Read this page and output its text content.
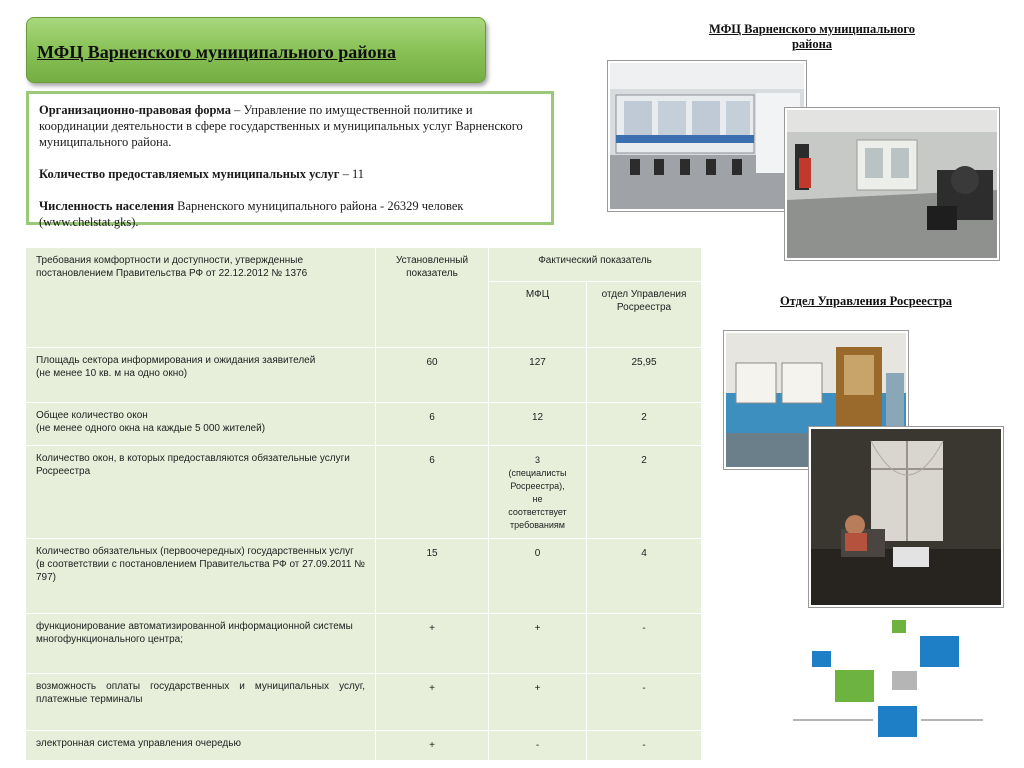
МФЦ Варненского муниципального района

Организационно-правовая форма – Управление по имущественной политике и координации деятельности в сфере государственных и муниципальных услуг Варненского муниципального района.

Количество предоставляемых муниципальных услуг – 11

Численность населения Варненского муниципального района - 26329 человек (www.chelstat.gks).

МФЦ Варненского муниципального района
Отдел Управления Росреестра
Требования комфортности и доступности, утвержденные постановлением Правительства РФ от 22.12.2012 № 1376	Установленный показатель	Фактический показатель	
		МФЦ	отдел Управления Росреестра
Площадь сектора информирования и ожидания заявителей
(не менее 10 кв. м на одно окно)	60	127	25,95
Общее количество окон
(не менее одного окна на каждые 5 000 жителей)	6	12	2
Количество окон, в которых предоставляются обязательные услуги Росреестра	6	3
(специалисты Росреестра),
не
соответствует требованиям	2
Количество обязательных (первоочередных) государственных услуг (в соответствии с постановлением Правительства РФ от 27.09.2011 № 797)	15	0	4
функционирование автоматизированной информационной системы многофункционального центра;	+	+	-
возможность оплаты государственных и муниципальных услуг, платежные терминалы	+	+	-
электронная система управления очередью	+	-	-
